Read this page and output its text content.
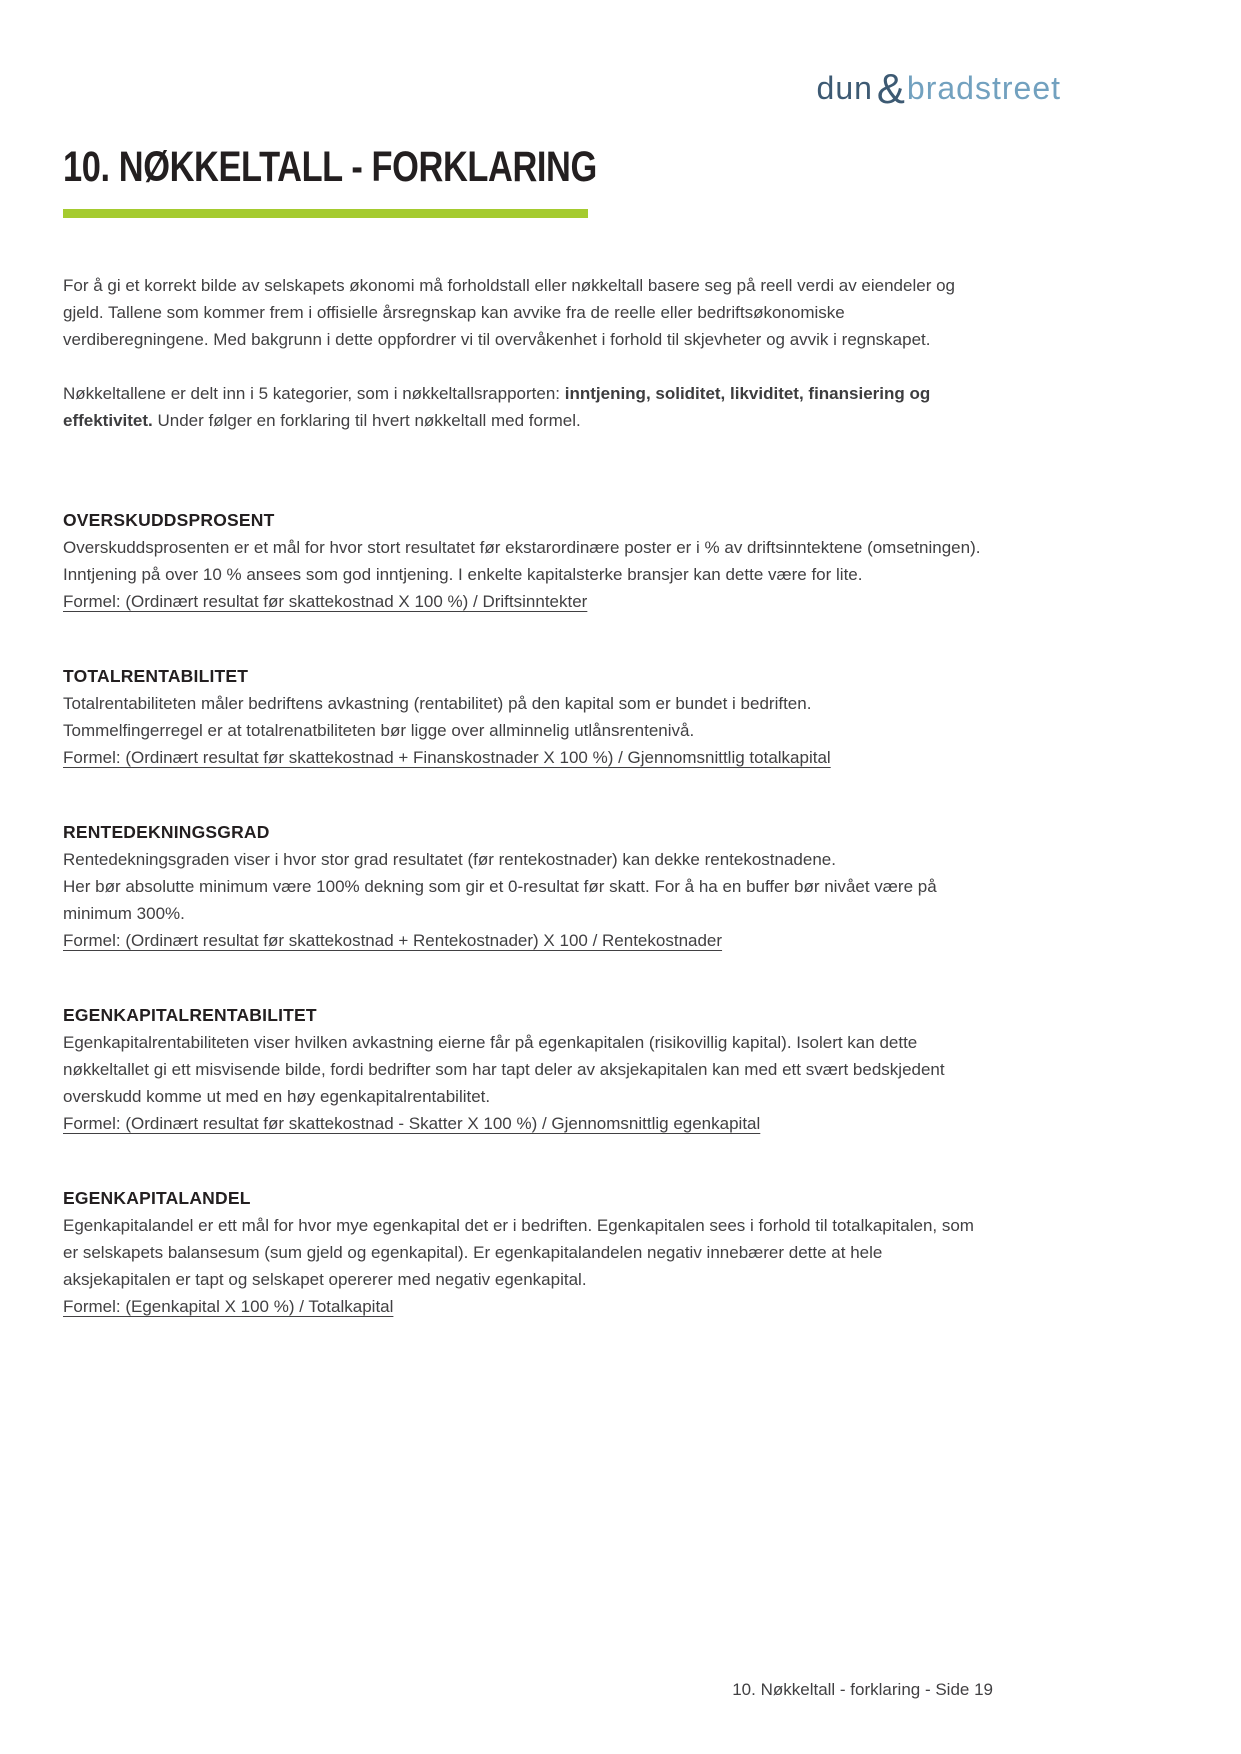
dun & bradstreet
10. NØKKELTALL - FORKLARING

For å gi et korrekt bilde av selskapets økonomi må forholdstall eller nøkkeltall basere seg på reell verdi av eiendeler og gjeld. Tallene som kommer frem i offisielle årsregnskap kan avvike fra de reelle eller bedriftsøkonomiske verdiberegningene. Med bakgrunn i dette oppfordrer vi til overvåkenhet i forhold til skjevheter og avvik i regnskapet.

Nøkkeltallene er delt inn i 5 kategorier, som i nøkkeltallsrapporten: inntjening, soliditet, likviditet, finansiering og effektivitet. Under følger en forklaring til hvert nøkkeltall med formel.

OVERSKUDDSPROSENT

Overskuddsprosenten er et mål for hvor stort resultatet før ekstarordinære poster er i % av driftsinntektene (omsetningen). Inntjening på over 10 % ansees som god inntjening. I enkelte kapitalsterke bransjer kan dette være for lite.

Formel: (Ordinært resultat før skattekostnad X 100 %) / Driftsinntekter

TOTALRENTABILITET

Totalrentabiliteten måler bedriftens avkastning (rentabilitet) på den kapital som er bundet i bedriften.

Tommelfingerregel er at totalrenatbiliteten bør ligge over allminnelig utlånsrentenivå.

Formel: (Ordinært resultat før skattekostnad + Finanskostnader X 100 %) / Gjennomsnittlig totalkapital

RENTEDEKNINGSGRAD

Rentedekningsgraden viser i hvor stor grad resultatet (før rentekostnader) kan dekke rentekostnadene.

Her bør absolutte minimum være 100% dekning som gir et 0-resultat før skatt. For å ha en buffer bør nivået være på minimum 300%.

Formel: (Ordinært resultat før skattekostnad + Rentekostnader) X 100 / Rentekostnader

EGENKAPITALRENTABILITET

Egenkapitalrentabiliteten viser hvilken avkastning eierne får på egenkapitalen (risikovillig kapital). Isolert kan dette nøkkeltallet gi ett misvisende bilde, fordi bedrifter som har tapt deler av aksjekapitalen kan med ett svært bedskjedent overskudd komme ut med en høy egenkapitalrentabilitet.

Formel: (Ordinært resultat før skattekostnad - Skatter X 100 %) / Gjennomsnittlig egenkapital

EGENKAPITALANDEL

Egenkapitalandel er ett mål for hvor mye egenkapital det er i bedriften. Egenkapitalen sees i forhold til totalkapitalen, som er selskapets balansesum (sum gjeld og egenkapital). Er egenkapitalandelen negativ innebærer dette at hele aksjekapitalen er tapt og selskapet opererer med negativ egenkapital.

Formel: (Egenkapital X 100 %) / Totalkapital

10. Nøkkeltall - forklaring - Side 19
